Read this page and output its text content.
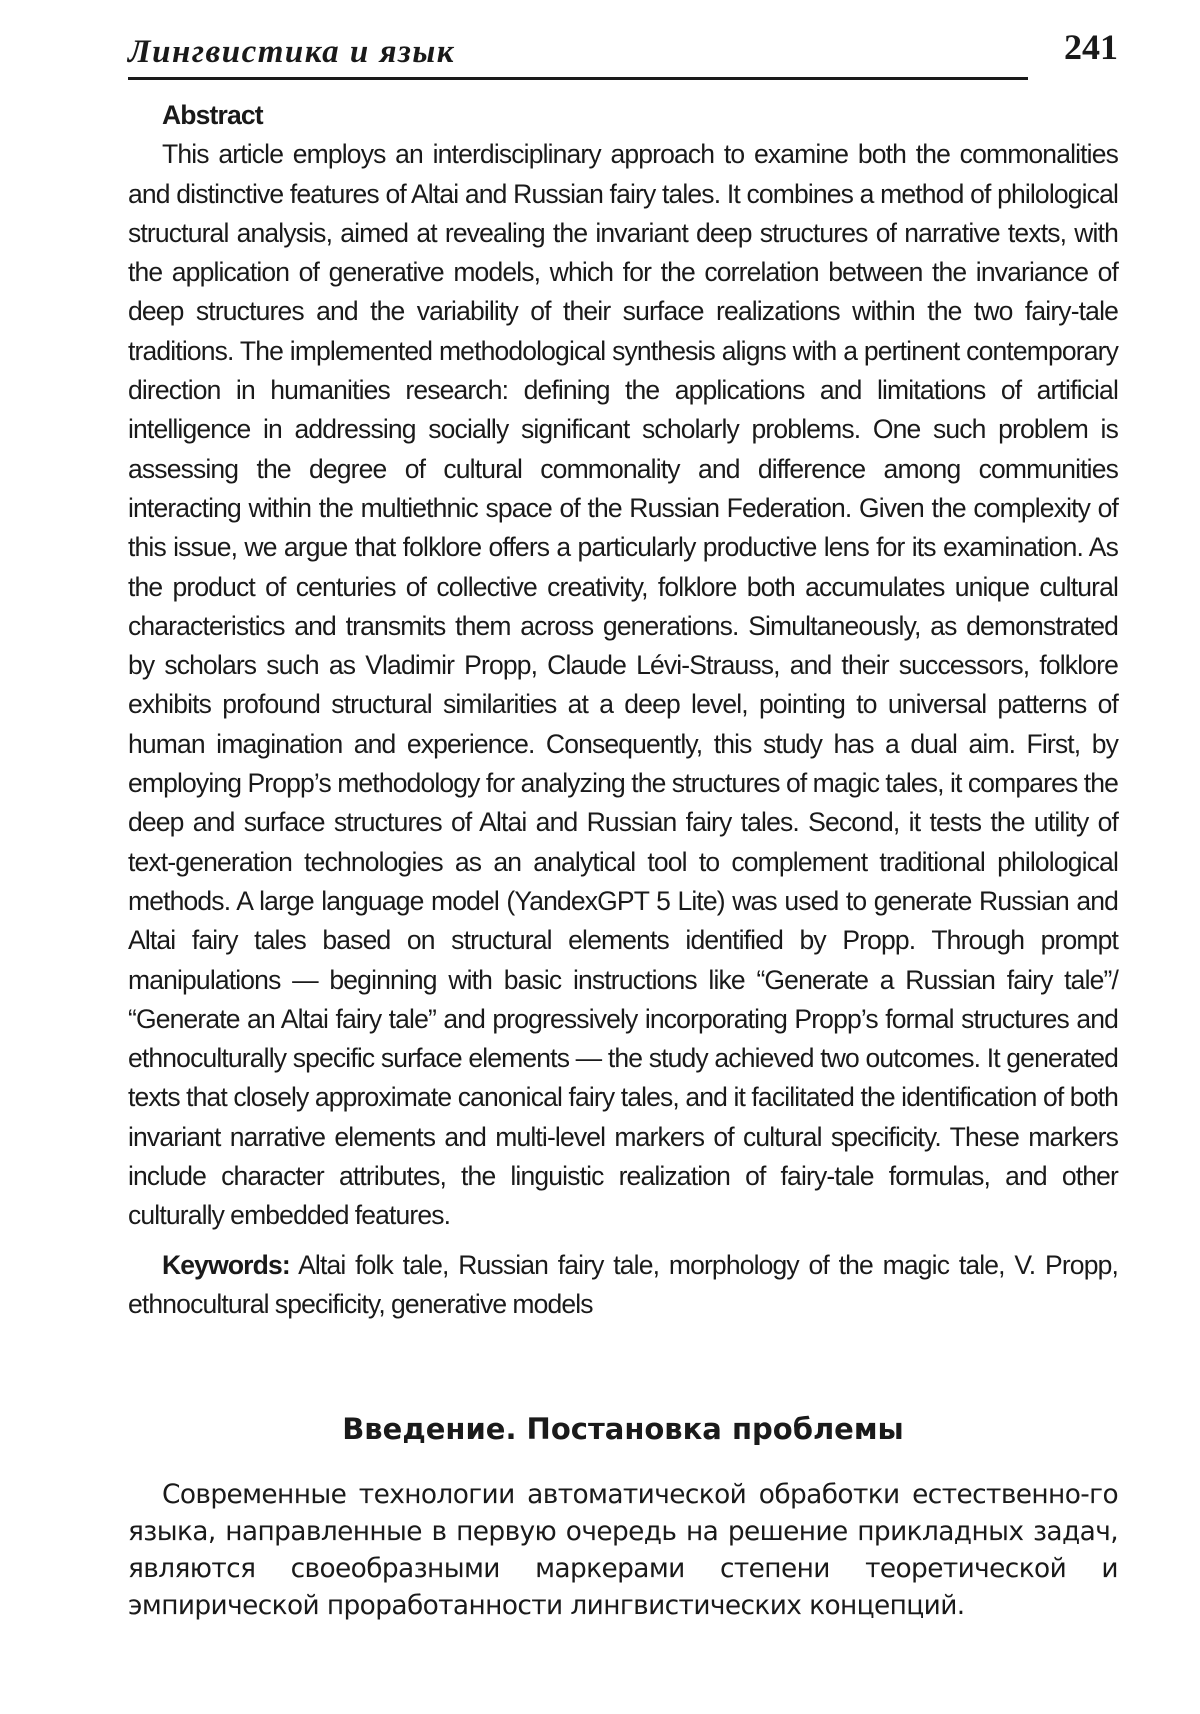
Лингвистика и язык	241

Abstract

This article employs an interdisciplinary approach to examine both the commonalities and distinctive features of Altai and Russian fairy tales. It combines a method of philological structural analysis, aimed at revealing the invariant deep structures of narrative texts, with the application of generative models, which for the correlation between the invariance of deep structures and the variability of their surface realizations within the two fairy-tale traditions. The implemented methodological synthesis aligns with a pertinent contemporary direction in humanities research: defining the applications and limitations of artificial intelligence in addressing socially significant scholarly problems. One such problem is assessing the degree of cultural commonality and difference among communities interacting within the multiethnic space of the Russian Federation. Given the complexity of this issue, we argue that folklore offers a particularly productive lens for its examination. As the product of centuries of collective creativity, folklore both accumulates unique cultural characteristics and transmits them across generations. Simultaneously, as demonstrated by scholars such as Vladimir Propp, Claude Lévi-Strauss, and their successors, folklore exhibits profound structural similarities at a deep level, pointing to universal patterns of human imagination and experience. Consequently, this study has a dual aim. First, by employing Propp’s methodology for analyzing the structures of magic tales, it compares the deep and surface structures of Altai and Russian fairy tales. Second, it tests the utility of text-generation technologies as an analytical tool to complement traditional philological methods. A large language model (YandexGPT 5 Lite) was used to generate Russian and Altai fairy tales based on structural elements identified by Propp. Through prompt manipulations — beginning with basic instructions like “Generate a Russian fairy tale”/ “Generate an Altai fairy tale” and progressively incorporating Propp’s formal structures and ethnoculturally specific surface elements — the study achieved two outcomes. It generated texts that closely approximate canonical fairy tales, and it facilitated the identification of both invariant narrative elements and multi-level markers of cultural specificity. These markers include character attributes, the linguistic realization of fairy-tale formulas, and other culturally embedded features.

Keywords: Altai folk tale, Russian fairy tale, morphology of the magic tale, V. Propp, ethnocultural specificity, generative models

Введение. Постановка проблемы

Современные технологии автоматической обработки естественно-го языка, направленные в первую очередь на решение прикладных задач, являются своеобразными маркерами степени теоретической и эмпирической проработанности лингвистических концепций.
